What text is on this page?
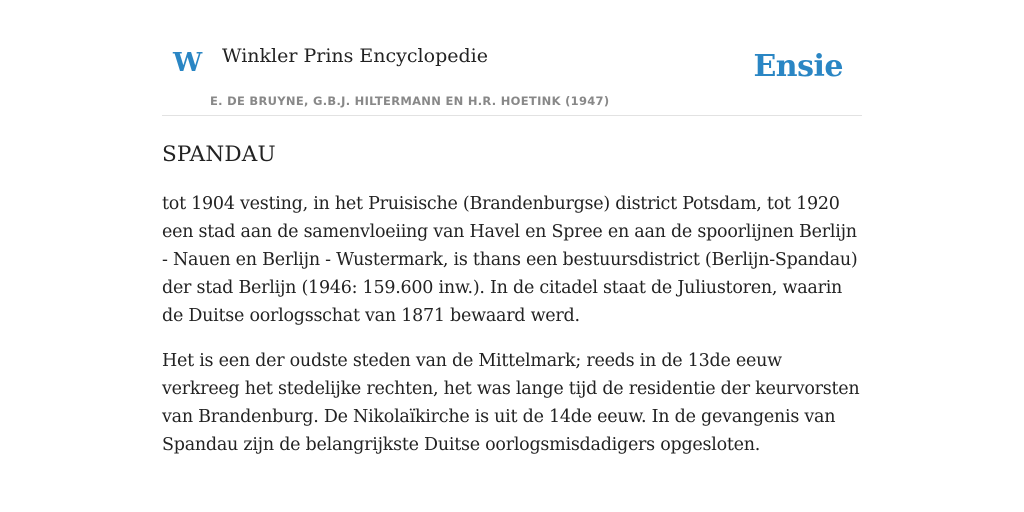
W Winkler Prins Encyclopedie
E. DE BRUYNE, G.B.J. HILTERMANN EN H.R. HOETINK (1947)
Ensie
SPANDAU

tot 1904 vesting, in het Pruisische (Brandenburgse) district Potsdam, tot 1920 een stad aan de samenvloeiing van Havel en Spree en aan de spoorlijnen Berlijn - Nauen en Berlijn - Wustermark, is thans een bestuursdistrict (Berlijn-Spandau) der stad Berlijn (1946: 159.600 inw.). In de citadel staat de Juliustoren, waarin de Duitse oorlogsschat van 1871 bewaard werd.

Het is een der oudste steden van de Mittelmark; reeds in de 13de eeuw verkreeg het stedelijke rechten, het was lange tijd de residentie der keurvorsten van Brandenburg. De Nikolaïkirche is uit de 14de eeuw. In de gevangenis van Spandau zijn de belangrijkste Duitse oorlogsmisdadigers opgesloten.
